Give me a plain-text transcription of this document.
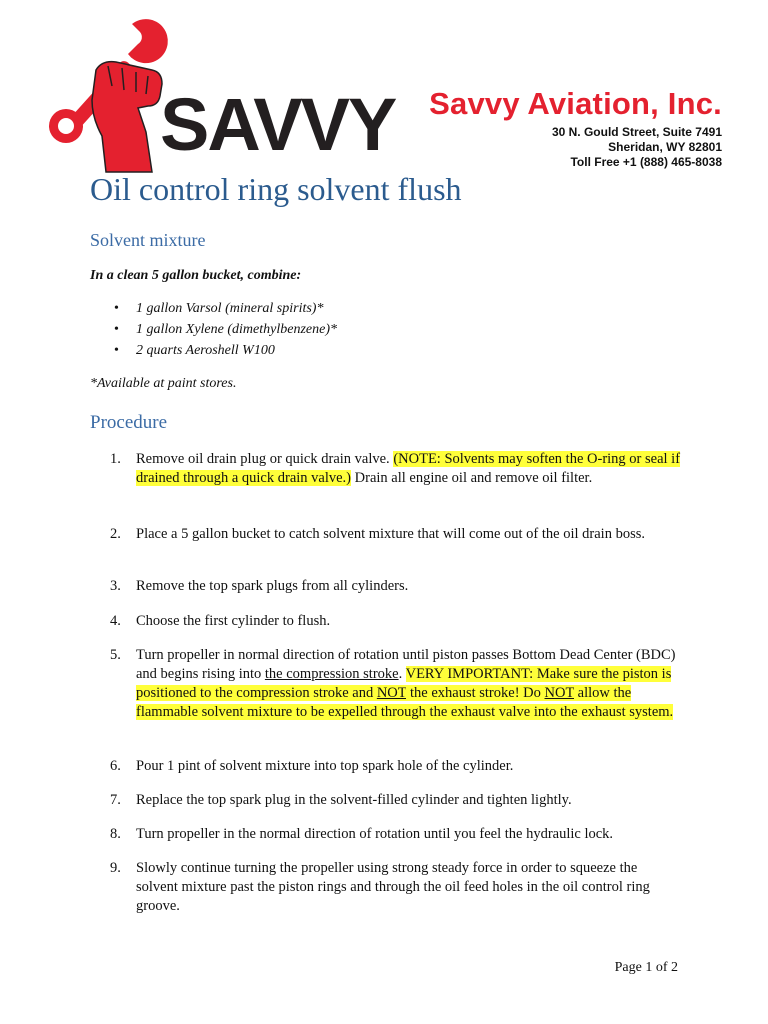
SAVVY Savvy Aviation, Inc.
30 N. Gould Street, Suite 7491
Sheridan, WY 82801
Toll Free +1 (888) 465-8038
Oil control ring solvent flush
Solvent mixture
In a clean 5 gallon bucket, combine:
• 1 gallon Varsol (mineral spirits)*
• 1 gallon Xylene (dimethylbenzene)*
• 2 quarts Aeroshell W100
*Available at paint stores.
Procedure
1.	Remove oil drain plug or quick drain valve. (NOTE: Solvents may soften the O-ring or seal if drained through a quick drain valve.) Drain all engine oil and remove oil filter.
2.	Place a 5 gallon bucket to catch solvent mixture that will come out of the oil drain boss.
3.	Remove the top spark plugs from all cylinders.
4.	Choose the first cylinder to flush.
5.	Turn propeller in normal direction of rotation until piston passes Bottom Dead Center (BDC) and begins rising into the compression stroke. VERY IMPORTANT: Make sure the piston is positioned to the compression stroke and NOT the exhaust stroke! Do NOT allow the flammable solvent mixture to be expelled through the exhaust valve into the exhaust system.
6.	Pour 1 pint of solvent mixture into top spark hole of the cylinder.
7.	Replace the top spark plug in the solvent-filled cylinder and tighten lightly.
8.	Turn propeller in the normal direction of rotation until you feel the hydraulic lock.
9.	Slowly continue turning the propeller using strong steady force in order to squeeze the solvent mixture past the piston rings and through the oil feed holes in the oil control ring groove.
Page 1 of 2
